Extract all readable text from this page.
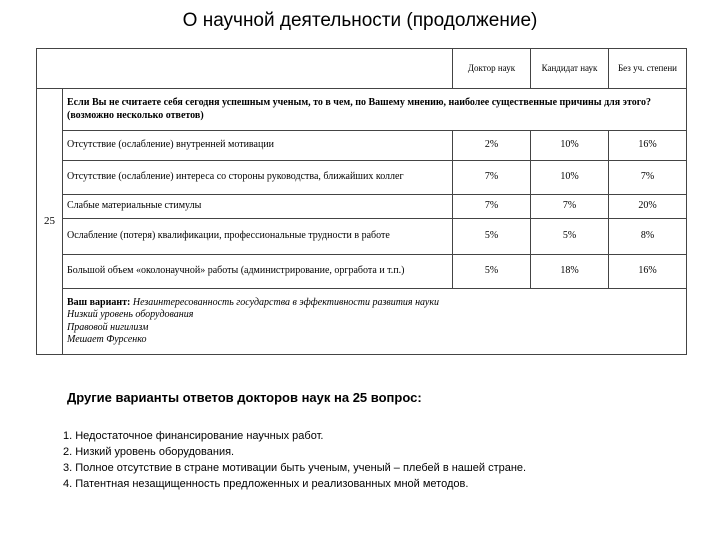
О научной деятельности (продолжение)
		Доктор наук	Кандидат наук	Без уч. степени
25	Если Вы не считаете себя сегодня успешным ученым, то в чем, по Вашему мнению, наиболее существенные причины для этого? (возможно несколько ответов)			
	Отсутствие (ослабление) внутренней мотивации	2%	10%	16%
	Отсутствие (ослабление) интереса со стороны руководства, ближайших коллег	7%	10%	7%
	Слабые материальные стимулы	7%	7%	20%
	Ослабление (потеря) квалификации, профессиональные трудности в работе	5%	5%	8%
	Большой объем «околонаучной» работы (администрирование, оргработа и т.п.)	5%	18%	16%
	Ваш вариант: Незаинтересованность государства в эффективности развития науки
Низкий уровень оборудования
Правовой нигилизм
Мешает Фурсенко			
Другие варианты ответов докторов наук на 25 вопрос:
1. Недостаточное финансирование научных работ.
2. Низкий уровень оборудования.
3. Полное отсутствие в стране мотивации быть ученым, ученый – плебей в нашей стране.
4. Патентная незащищенность предложенных и реализованных мной методов.
